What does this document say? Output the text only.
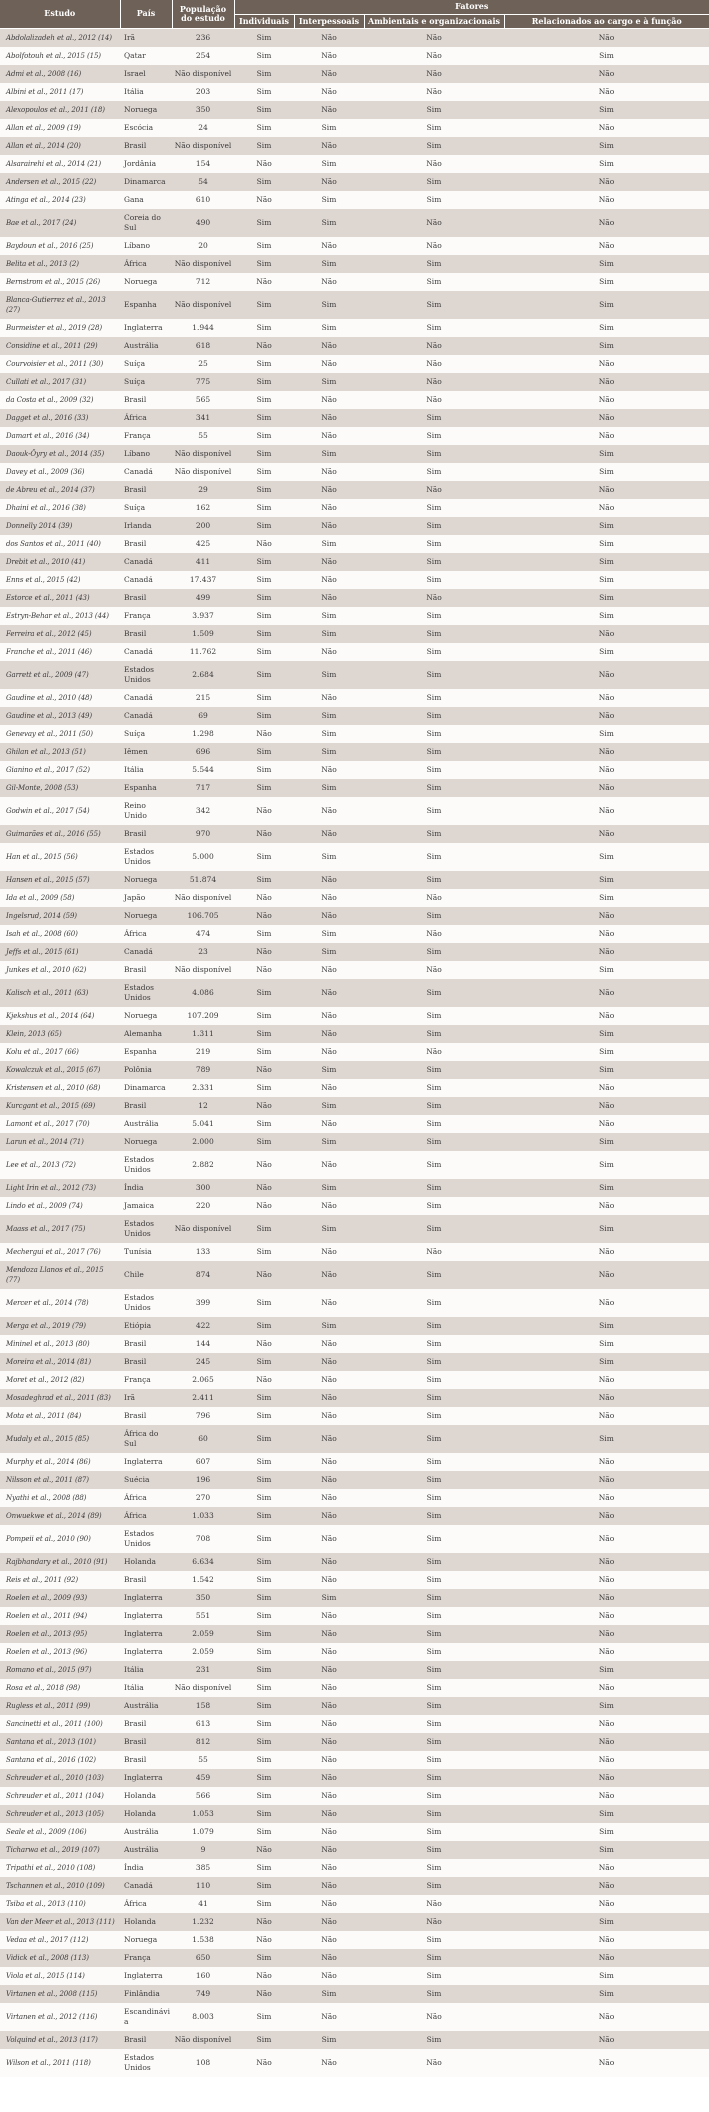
Estudo	País	População do estudo	Fatores			
			Individuais	Interpessoais	Ambientais e organizacionais	Relacionados ao cargo e à função
Abdolalizadeh et al., 2012 (14)	Irã	236	Sim	Não	Não	Não
Abolfotouh et al., 2015 (15)	Qatar	254	Sim	Não	Não	Sim
Admi et al., 2008 (16)	Israel	Não disponível	Sim	Não	Não	Não
Albini et al., 2011 (17)	Itália	203	Sim	Não	Não	Não
Alexopoulos et al., 2011 (18)	Noruega	350	Sim	Não	Sim	Sim
Allan et al., 2009 (19)	Escócia	24	Sim	Sim	Sim	Não
Allan et al., 2014 (20)	Brasil	Não disponível	Sim	Não	Sim	Sim
Alsarairehi et al., 2014 (21)	Jordânia	154	Não	Sim	Não	Sim
Andersen et al., 2015 (22)	Dinamarca	54	Sim	Não	Sim	Não
Atinga et al., 2014 (23)	Gana	610	Não	Sim	Sim	Não
Bae et al., 2017 (24)	Coreia do Sul	490	Sim	Sim	Não	Não
Baydoun et al., 2016 (25)	Líbano	20	Sim	Não	Não	Não
Belita et al., 2013 (2)	África	Não disponível	Sim	Sim	Sim	Sim
Bernstrom et al., 2015 (26)	Noruega	712	Não	Não	Sim	Sim
Blanca-Gutierrez et al., 2013 (27)	Espanha	Não disponível	Sim	Sim	Sim	Sim
Burmeister et al., 2019 (28)	Inglaterra	1.944	Sim	Sim	Sim	Sim
Considine et al., 2011 (29)	Austrália	618	Não	Não	Não	Sim
Courvoisier et al., 2011 (30)	Suíça	25	Sim	Não	Não	Não
Cullati et al., 2017 (31)	Suíça	775	Sim	Sim	Não	Não
da Costa et al., 2009 (32)	Brasil	565	Sim	Não	Não	Não
Dagget et al., 2016 (33)	África	341	Sim	Não	Sim	Não
Damart et al., 2016 (34)	França	55	Sim	Não	Sim	Não
Daouk-Öyry et al., 2014 (35)	Líbano	Não disponível	Sim	Sim	Sim	Sim
Davey et al., 2009 (36)	Canadá	Não disponível	Sim	Não	Sim	Sim
de Abreu et al., 2014 (37)	Brasil	29	Sim	Não	Não	Não
Dhaini et al., 2016 (38)	Suíça	162	Sim	Não	Sim	Não
Donnelly 2014 (39)	Irlanda	200	Sim	Não	Sim	Sim
dos Santos et al., 2011 (40)	Brasil	425	Não	Sim	Sim	Sim
Drebit et al., 2010 (41)	Canadá	411	Sim	Não	Sim	Sim
Enns et al., 2015 (42)	Canadá	17.437	Sim	Não	Sim	Sim
Estorce et al., 2011 (43)	Brasil	499	Sim	Não	Não	Sim
Estryn-Behar et al., 2013 (44)	França	3.937	Sim	Sim	Sim	Sim
Ferreira et al., 2012 (45)	Brasil	1.509	Sim	Sim	Sim	Não
Franche et al., 2011 (46)	Canadá	11.762	Sim	Não	Sim	Sim
Garrett et al., 2009 (47)	Estados Unidos	2.684	Sim	Sim	Sim	Não
Gaudine et al., 2010 (48)	Canadá	215	Sim	Não	Sim	Não
Gaudine et al., 2013 (49)	Canadá	69	Sim	Sim	Sim	Não
Genevay et al., 2011 (50)	Suíça	1.298	Não	Sim	Sim	Sim
Ghilan et al., 2013 (51)	Iêmen	696	Sim	Sim	Sim	Não
Gianino et al., 2017 (52)	Itália	5.544	Sim	Não	Sim	Não
Gil-Monte, 2008 (53)	Espanha	717	Sim	Sim	Sim	Não
Godwin et al., 2017 (54)	Reino Unido	342	Não	Não	Sim	Não
Guimarães et al., 2016 (55)	Brasil	970	Não	Não	Sim	Não
Han et al., 2015 (56)	Estados Unidos	5.000	Sim	Sim	Sim	Sim
Hansen et al., 2015 (57)	Noruega	51.874	Sim	Não	Sim	Sim
Ida et al., 2009 (58)	Japão	Não disponível	Não	Não	Não	Sim
Ingelsrud, 2014 (59)	Noruega	106.705	Não	Não	Sim	Não
Isah et al., 2008 (60)	África	474	Sim	Sim	Não	Não
Jeffs et al., 2015 (61)	Canadá	23	Não	Sim	Sim	Não
Junkes et al., 2010 (62)	Brasil	Não disponível	Não	Não	Não	Sim
Kalisch et al., 2011 (63)	Estados Unidos	4.086	Sim	Não	Sim	Não
Kjekshus et al., 2014 (64)	Noruega	107.209	Sim	Não	Sim	Não
Klein, 2013 (65)	Alemanha	1.311	Sim	Não	Sim	Sim
Kolu et al., 2017 (66)	Espanha	219	Sim	Não	Não	Sim
Kowalczuk et al., 2015 (67)	Polônia	789	Não	Sim	Sim	Sim
Kristensen et al., 2010 (68)	Dinamarca	2.331	Sim	Não	Sim	Não
Kurcgant et al., 2015 (69)	Brasil	12	Não	Sim	Sim	Não
Lamont et al., 2017 (70)	Austrália	5.041	Sim	Não	Sim	Não
Larun et al., 2014 (71)	Noruega	2.000	Sim	Sim	Sim	Sim
Lee et al., 2013 (72)	Estados Unidos	2.882	Não	Não	Sim	Sim
Light Irin et al., 2012 (73)	Índia	300	Não	Sim	Sim	Sim
Lindo et al., 2009 (74)	Jamaica	220	Não	Não	Sim	Não
Maass et al., 2017 (75)	Estados Unidos	Não disponível	Sim	Sim	Sim	Sim
Mechergui et al., 2017 (76)	Tunísia	133	Sim	Não	Não	Não
Mendoza Llanos et al., 2015 (77)	Chile	874	Não	Não	Sim	Não
Mercer et al., 2014 (78)	Estados Unidos	399	Sim	Não	Sim	Não
Merga et al., 2019 (79)	Etiópia	422	Sim	Sim	Sim	Sim
Mininel et al., 2013 (80)	Brasil	144	Não	Não	Sim	Sim
Moreira et al., 2014 (81)	Brasil	245	Sim	Não	Sim	Sim
Moret et al., 2012 (82)	França	2.065	Não	Não	Sim	Não
Mosadeghrad et al., 2011 (83)	Irã	2.411	Sim	Não	Sim	Não
Mota et al., 2011 (84)	Brasil	796	Sim	Não	Sim	Não
Mudaly et al., 2015 (85)	África do Sul	60	Sim	Não	Sim	Sim
Murphy et al., 2014 (86)	Inglaterra	607	Sim	Não	Sim	Não
Nilsson et al., 2011 (87)	Suécia	196	Sim	Não	Sim	Não
Nyathi et al., 2008 (88)	África	270	Sim	Não	Sim	Não
Onwuekwe et al., 2014 (89)	África	1.033	Sim	Não	Sim	Não
Pompeii et al., 2010 (90)	Estados Unidos	708	Sim	Não	Sim	Não
Rajbhandary et al., 2010 (91)	Holanda	6.634	Sim	Não	Sim	Não
Reis et al., 2011 (92)	Brasil	1.542	Sim	Não	Sim	Não
Roelen et al., 2009 (93)	Inglaterra	350	Sim	Sim	Sim	Não
Roelen et al., 2011 (94)	Inglaterra	551	Sim	Não	Sim	Não
Roelen et al., 2013 (95)	Inglaterra	2.059	Sim	Não	Sim	Não
Roelen et al., 2013 (96)	Inglaterra	2.059	Sim	Não	Sim	Não
Romano et al., 2015 (97)	Itália	231	Sim	Não	Sim	Sim
Rosa et al., 2018 (98)	Itália	Não disponível	Sim	Não	Sim	Não
Rugless et al., 2011 (99)	Austrália	158	Sim	Não	Sim	Sim
Sancinetti et al., 2011 (100)	Brasil	613	Sim	Não	Sim	Não
Santana et al., 2013 (101)	Brasil	812	Sim	Não	Sim	Não
Santana et al., 2016 (102)	Brasil	55	Sim	Não	Sim	Não
Schreuder et al., 2010 (103)	Inglaterra	459	Sim	Não	Sim	Não
Schreuder et al., 2011 (104)	Holanda	566	Sim	Não	Sim	Não
Schreuder et al., 2013 (105)	Holanda	1.053	Sim	Não	Sim	Sim
Seale et al., 2009 (106)	Austrália	1.079	Sim	Não	Sim	Sim
Ticharwa et al., 2019 (107)	Austrália	9	Não	Não	Sim	Sim
Tripathi et al., 2010 (108)	Índia	385	Sim	Não	Sim	Não
Tschannen et al., 2010 (109)	Canadá	110	Sim	Não	Sim	Não
Tsiba et al., 2013 (110)	África	41	Sim	Não	Não	Não
Van der Meer et al., 2013 (111)	Holanda	1.232	Não	Não	Não	Sim
Vedaa et al., 2017 (112)	Noruega	1.538	Não	Não	Sim	Não
Vidick et al., 2008 (113)	França	650	Sim	Não	Sim	Não
Viola et al., 2015 (114)	Inglaterra	160	Não	Não	Sim	Sim
Virtanen et al., 2008 (115)	Finlândia	749	Não	Sim	Sim	Sim
Virtanen et al., 2012 (116)	Escandinávia	8.003	Sim	Não	Não	Não
Volquind et al., 2013 (117)	Brasil	Não disponível	Sim	Sim	Sim	Não
Wilson et al., 2011 (118)	Estados Unidos	108	Não	Não	Não	Não
